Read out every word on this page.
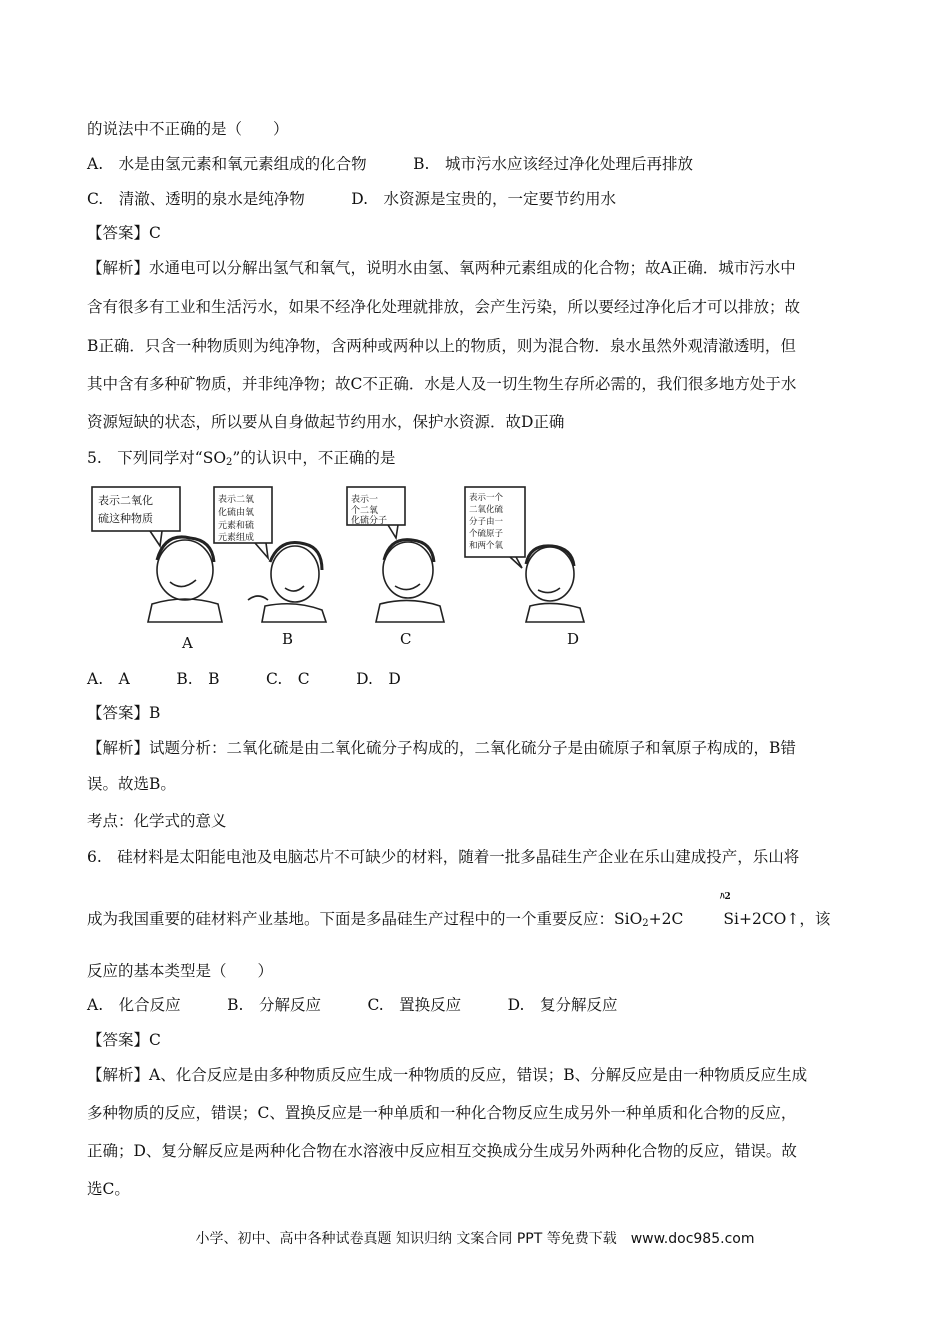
的说法中不正确的是（　　）
A.　水是由氢元素和氧元素组成的化合物　　　B.　城市污水应该经过净化处理后再排放
C.　清澈、透明的泉水是纯净物　　　D.　水资源是宝贵的，一定要节约用水
【答案】C
【解析】水通电可以分解出氢气和氧气，说明水由氢、氧两种元素组成的化合物；故A正确．城市污水中
含有很多有工业和生活污水，如果不经净化处理就排放，会产生污染，所以要经过净化后才可以排放；故
B正确．只含一种物质则为纯净物，含两种或两种以上的物质，则为混合物．泉水虽然外观清澈透明，但
其中含有多种矿物质，并非纯净物；故C不正确．水是人及一切生物生存所必需的，我们很多地方处于水
资源短缺的状态，所以要从自身做起节约用水，保护水资源．故D正确
5.　下列同学对“$SO_2$”的认识中，不正确的是
表示二氧化
硫这种物质
表示二氧
化硫由氧
元素和硫
元素组成
表示一
个二氧
化硫分子
表示一个
二氧化硫
分子由一
个硫原子
和两个氧
A	B	C	D
A.　A　　　B.　B　　　C.　C　　　D.　D
【答案】B
【解析】试题分析：二氧化硫是由二氧化硫分子构成的，二氧化硫分子是由硫原子和氧原子构成的，B错
误。故选B。
考点：化学式的意义
6.　硅材料是太阳能电池及电脑芯片不可缺少的材料，随着一批多晶硅生产企业在乐山建成投产，乐山将
ﾊ2
成为我国重要的硅材料产业基地。下面是多晶硅生产过程中的一个重要反应：SiO$_2$+2C	Si+2CO↑，该
反应的基本类型是（　　）
A.　化合反应　　　B.　分解反应　　　C.　置换反应　　　D.　复分解反应
【答案】C
【解析】A、化合反应是由多种物质反应生成一种物质的反应，错误；B、分解反应是由一种物质反应生成
多种物质的反应，错误；C、置换反应是一种单质和一种化合物反应生成另外一种单质和化合物的反应，
正确；D、复分解反应是两种化合物在水溶液中反应相互交换成分生成另外两种化合物的反应，错误。故
选C。
小学、初中、高中各种试卷真题 知识归纳 文案合同 PPT 等免费下载　www.doc985.com
